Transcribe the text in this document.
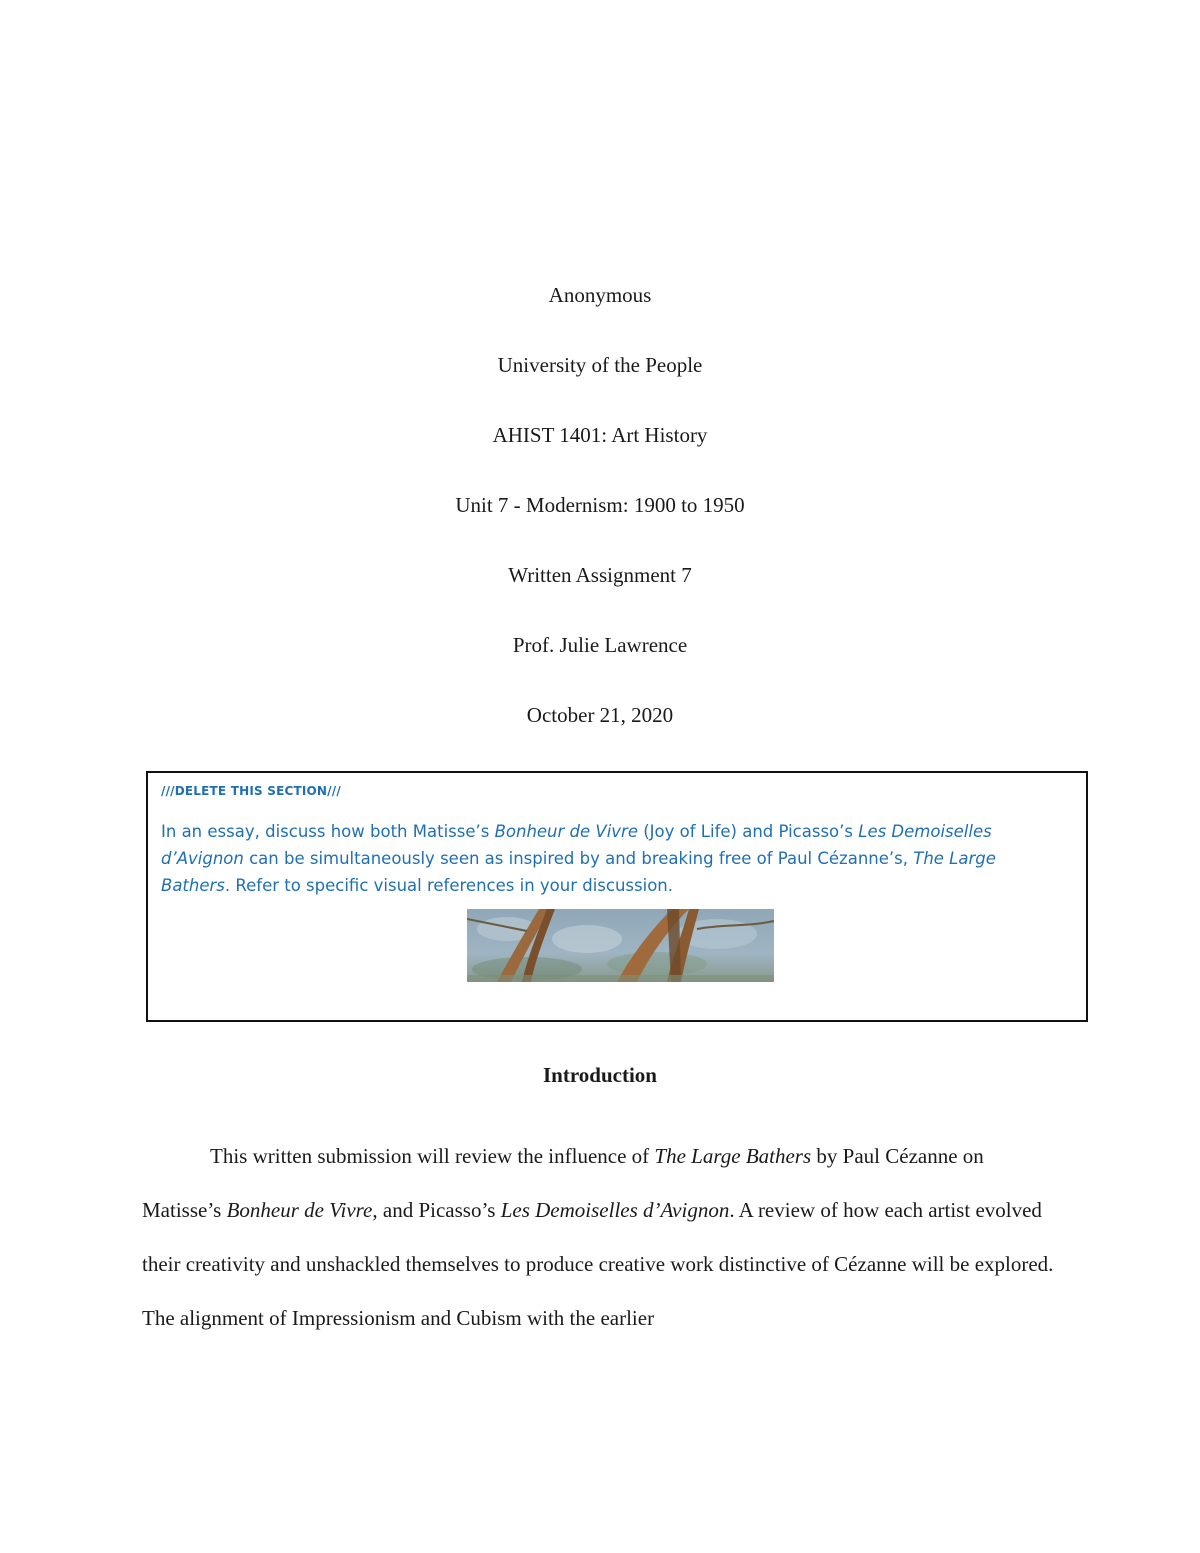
Anonymous

University of the People

AHIST 1401: Art History

Unit 7 - Modernism: 1900 to 1950

Written Assignment 7

Prof. Julie Lawrence

October 21, 2020

///DELETE THIS SECTION///
In an essay, discuss how both Matisse’s Bonheur de Vivre (Joy of Life) and Picasso’s Les Demoiselles d’Avignon can be simultaneously seen as inspired by and breaking free of Paul Cézanne’s, The Large Bathers. Refer to specific visual references in your discussion.
Introduction

This written submission will review the influence of The Large Bathers by Paul Cézanne on Matisse’s Bonheur de Vivre, and Picasso’s Les Demoiselles d’Avignon. A review of how each artist evolved their creativity and unshackled themselves to produce creative work distinctive of Cézanne will be explored. The alignment of Impressionism and Cubism with the earlier
